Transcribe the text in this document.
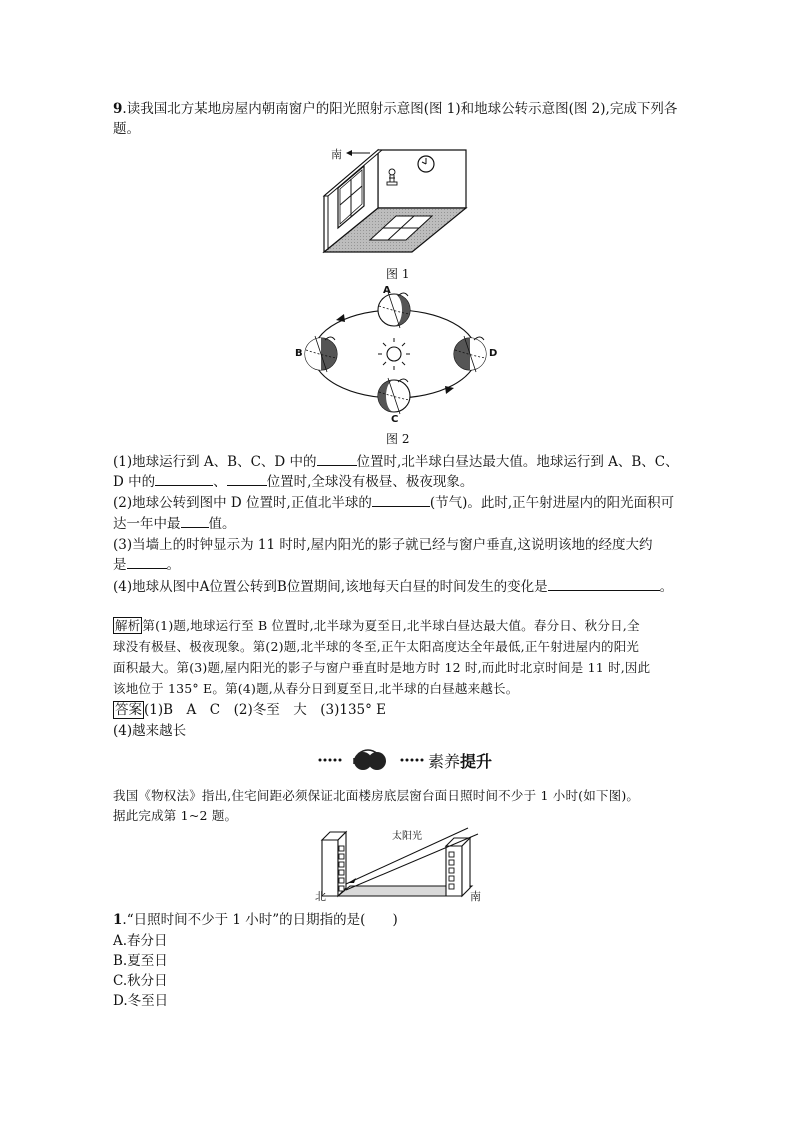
9.读我国北方某地房屋内朝南窗户的阳光照射示意图(图 1)和地球公转示意图(图 2),完成下列各
题。
南
图 1
A
B
C
D
图 2
(1)地球运行到 A、B、C、D 中的	位置时,北半球白昼达最大值。地球运行到 A、B、C、
D 中的	、	位置时,全球没有极昼、极夜现象。
(2)地球公转到图中 D 位置时,正值北半球的	(节气)。此时,正午射进屋内的阳光面积可
达一年中最 值。
(3)当墙上的时钟显示为 11 时时,屋内阳光的影子就已经与窗户垂直,这说明该地的经度大约
是	。
(4)地球从图中A位置公转到B位置期间,该地每天白昼的时间发生的变化是	。
解析 第(1)题,地球运行至 B 位置时,北半球为夏至日,北半球白昼达最大值。春分日、秋分日,全
球没有极昼、极夜现象。第(2)题,北半球的冬至,正午太阳高度达全年最低,正午射进屋内的阳光
面积最大。第(3)题,屋内阳光的影子与窗户垂直时是地方时 12 时,而此时北京时间是 11 时,因此
该地位于 135° E。第(4)题,从春分日到夏至日,北半球的白昼越来越长。
答案 (1)B　A　C　(2)冬至　大　(3)135° E
(4)越来越长
素养提升
我国《物权法》指出,住宅间距必须保证北面楼房底层窗台面日照时间不少于 1 小时(如下图)。
据此完成第 1~2 题。
太阳光
北	南
1.“日照时间不少于 1 小时”的日期指的是(　　)
A.春分日
B.夏至日
C.秋分日
D.冬至日
